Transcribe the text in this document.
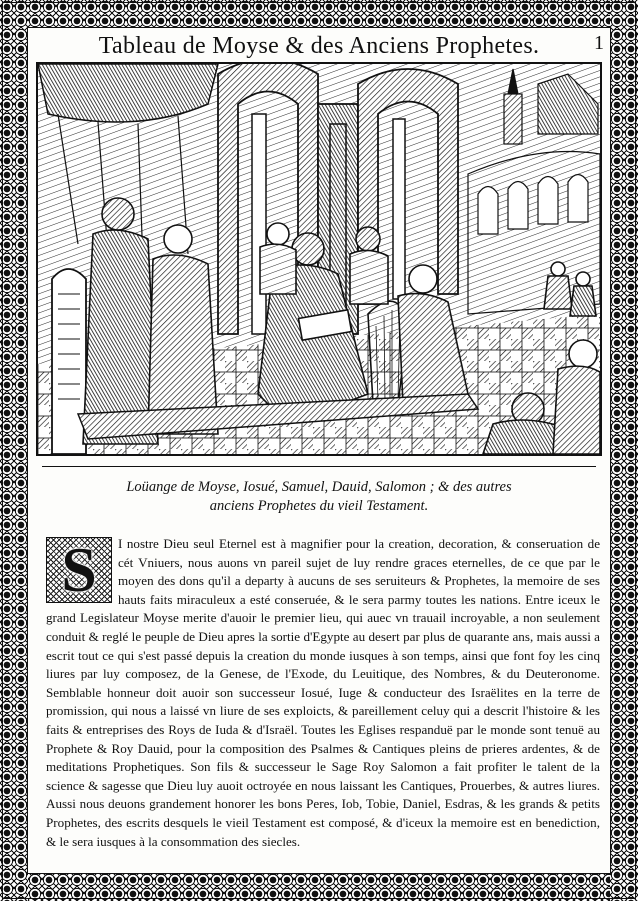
Tableau de Moyse & des Anciens Prophetes.	1
Loüange de Moyse, Iosué, Samuel, Dauid, Salomon ; & des autres
anciens Prophetes du vieil Testament.
S	I nostre Dieu seul Eternel est à magnifier pour la creation, decoration, & conseruation de cét Vniuers, nous auons vn pareil sujet de luy rendre graces eternelles, de ce que par le moyen des dons qu'il a departy à aucuns de ses seruiteurs & Prophetes, la memoire de ses hauts faits miraculeux a esté conseruée, & le sera parmy toutes les nations. Entre iceux le grand Legislateur Moyse merite d'auoir le premier lieu, qui auec vn trauail incroyable, a non seulement conduit & reglé le peuple de Dieu apres la sortie d'Egypte au desert par plus de quarante ans, mais aussi a escrit tout ce qui s'est passé depuis la creation du monde iusques à son temps, ainsi que font foy les cinq liures par luy composez, de la Genese, de l'Exode, du Leuitique, des Nombres, & du Deuteronome. Semblable honneur doit auoir son successeur Iosué, Iuge & conducteur des Israëlites en la terre de promission, qui nous a laissé vn liure de ses exploicts, & pareillement celuy qui a descrit l'histoire & les faits & entreprises des Roys de Iuda & d'Israël. Toutes les Eglises respanduë par le monde sont tenuë au Prophete & Roy Dauid, pour la composition des Psalmes & Cantiques pleins de prieres ardentes, & de meditations Prophetiques. Son fils & successeur le Sage Roy Salomon a fait profiter le talent de la science & sagesse que Dieu luy auoit octroyée en nous laissant les Cantiques, Prouerbes, & autres liures. Aussi nous deuons grandement honorer les bons Peres, Iob, Tobie, Daniel, Esdras, & les grands & petits Prophetes, des escrits desquels le vieil Testament est composé, & d'iceux la memoire est en benediction, & le sera iusques à la consommation des siecles.
